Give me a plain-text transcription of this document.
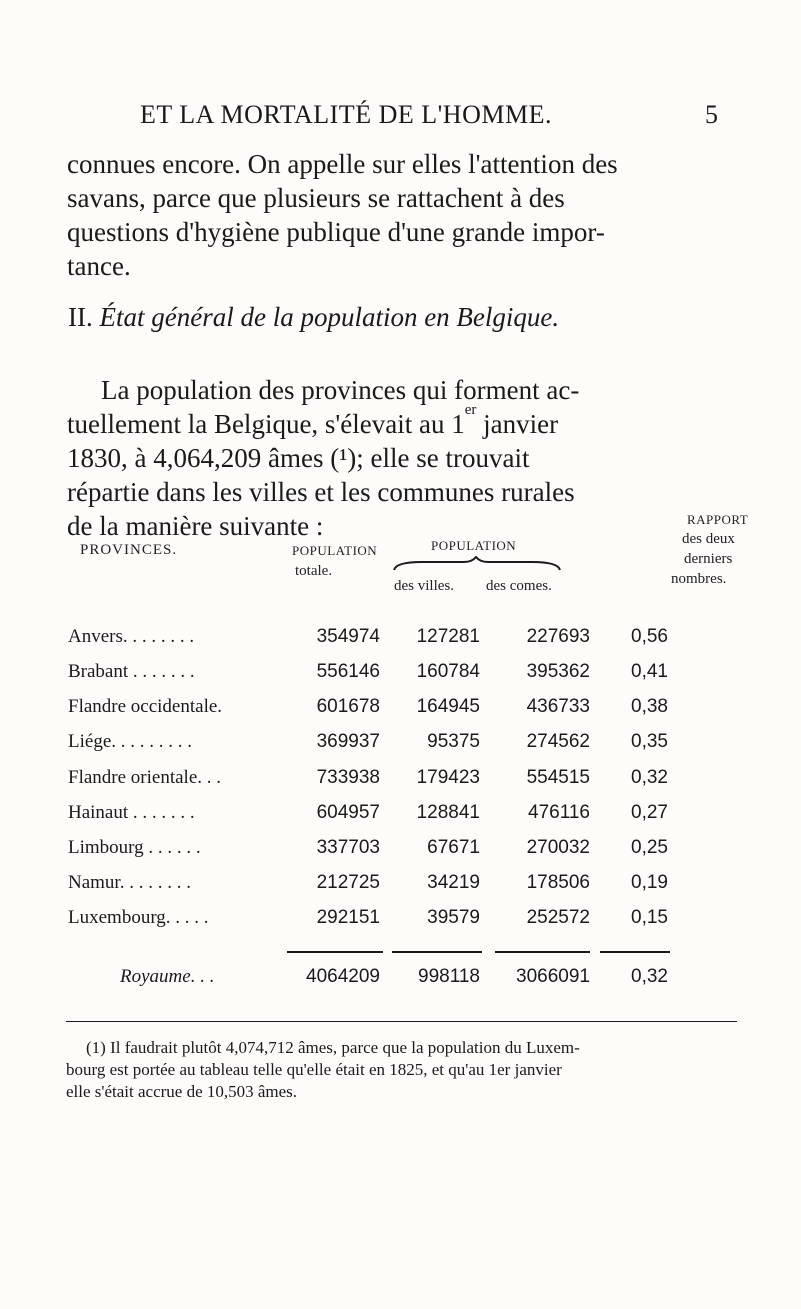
ET LA MORTALITÉ DE L'HOMME.	5
connues encore. On appelle sur elles l'attention des
savans, parce que plusieurs se rattachent à des
questions d'hygiène publique d'une grande impor-
tance.
II. État général de la population en Belgique.
La population des provinces qui forment ac-
tuellement la Belgique, s'élevait au 1er janvier
1830, à 4,064,209 âmes (¹); elle se trouvait
répartie dans les villes et les communes rurales
de la manière suivante :
PROVINCES.	POPULATION
totale.
POPULATION
des villes. des comes.
RAPPORT
des deux
derniers
nombres.
Anvers. . . . . . . .	354974	127281	227693	0,56
Brabant . . . . . . .	556146	160784	395362	0,41
Flandre occidentale.	601678	164945	436733	0,38
Liége. . . . . . . . .	369937	95375	274562	0,35
Flandre orientale. . .	733938	179423	554515	0,32
Hainaut . . . . . . .	604957	128841	476116	0,27
Limbourg . . . . . .	337703	67671	270032	0,25
Namur. . . . . . . .	212725	34219	178506	0,19
Luxembourg. . . . .	292151	39579	252572	0,15
Royaume. . .	4064209	998118	3066091	0,32
(1) Il faudrait plutôt 4,074,712 âmes, parce que la population du Luxem-
bourg est portée au tableau telle qu'elle était en 1825, et qu'au 1er janvier
elle s'était accrue de 10,503 âmes.
